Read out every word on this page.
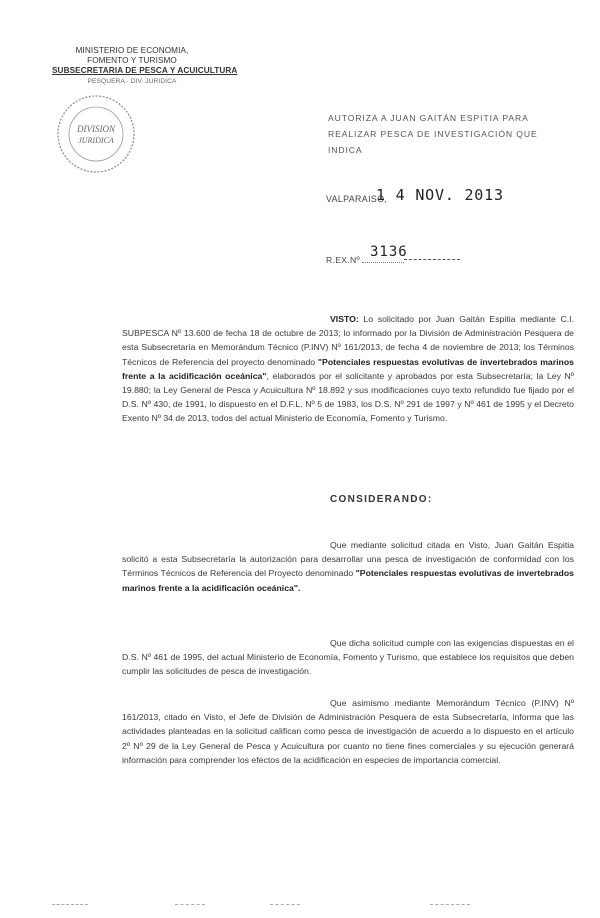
MINISTERIO DE ECONOMIA,
FOMENTO Y TURISMO
SUBSECRETARIA DE PESCA Y ACUICULTURA
PESQUERA - DIV. JURIDICA
DIVISION
JURIDICA
AUTORIZA A JUAN GAITÁN ESPITIA PARA REALIZAR PESCA DE INVESTIGACIÓN QUE INDICA
VALPARAISO,
1 4 NOV. 2013
R.EX.Nº 3136
VISTO: Lo solicitado por Juan Gaitán Espitia mediante C.I. SUBPESCA Nº 13.600 de fecha 18 de octubre de 2013; lo informado por la División de Administración Pesquera de esta Subsecretaría en Memorándum Técnico (P.INV) Nº 161/2013, de fecha 4 de noviembre de 2013; los Términos Técnicos de Referencia del proyecto denominado "Potenciales respuestas evolutivas de invertebrados marinos frente a la acidificación oceánica", elaborados por el solicitante y aprobados por esta Subsecretaría; la Ley Nº 19.880; la Ley General de Pesca y Acuicultura Nº 18.892 y sus modificaciones cuyo texto refundido fue fijado por el D.S. Nº 430, de 1991, lo dispuesto en el D.F.L. Nº 5 de 1983, los D.S. Nº 291 de 1997 y Nº 461 de 1995 y el Decreto Exento Nº 34 de 2013, todos del actual Ministerio de Economía, Fomento y Turismo.
CONSIDERANDO:
Que mediante solicitud citada en Visto, Juan Gaitán Espitia solicitó a esta Subsecretaría la autorización para desarrollar una pesca de investigación de conformidad con los Términos Técnicos de Referencia del Proyecto denominado "Potenciales respuestas evolutivas de invertebrados marinos frente a la acidificación oceánica".
Que dicha solicitud cumple con las exigencias dispuestas en el D.S. Nº 461 de 1995, del actual Ministerio de Economía, Fomento y Turismo, que establece los requisitos que deben cumplir las solicitudes de pesca de investigación.
Que asimismo mediante Memorándum Técnico (P.INV) Nº 161/2013, citado en Visto, el Jefe de División de Administración Pesquera de esta Subsecretaría, informa que las actividades planteadas en la solicitud califican como pesca de investigación de acuerdo a lo dispuesto en el artículo 2º Nº 29 de la Ley General de Pesca y Acuicultura por cuanto no tiene fines comerciales y su ejecución generará información para comprender los efectos de la acidificación en especies de importancia comercial.
